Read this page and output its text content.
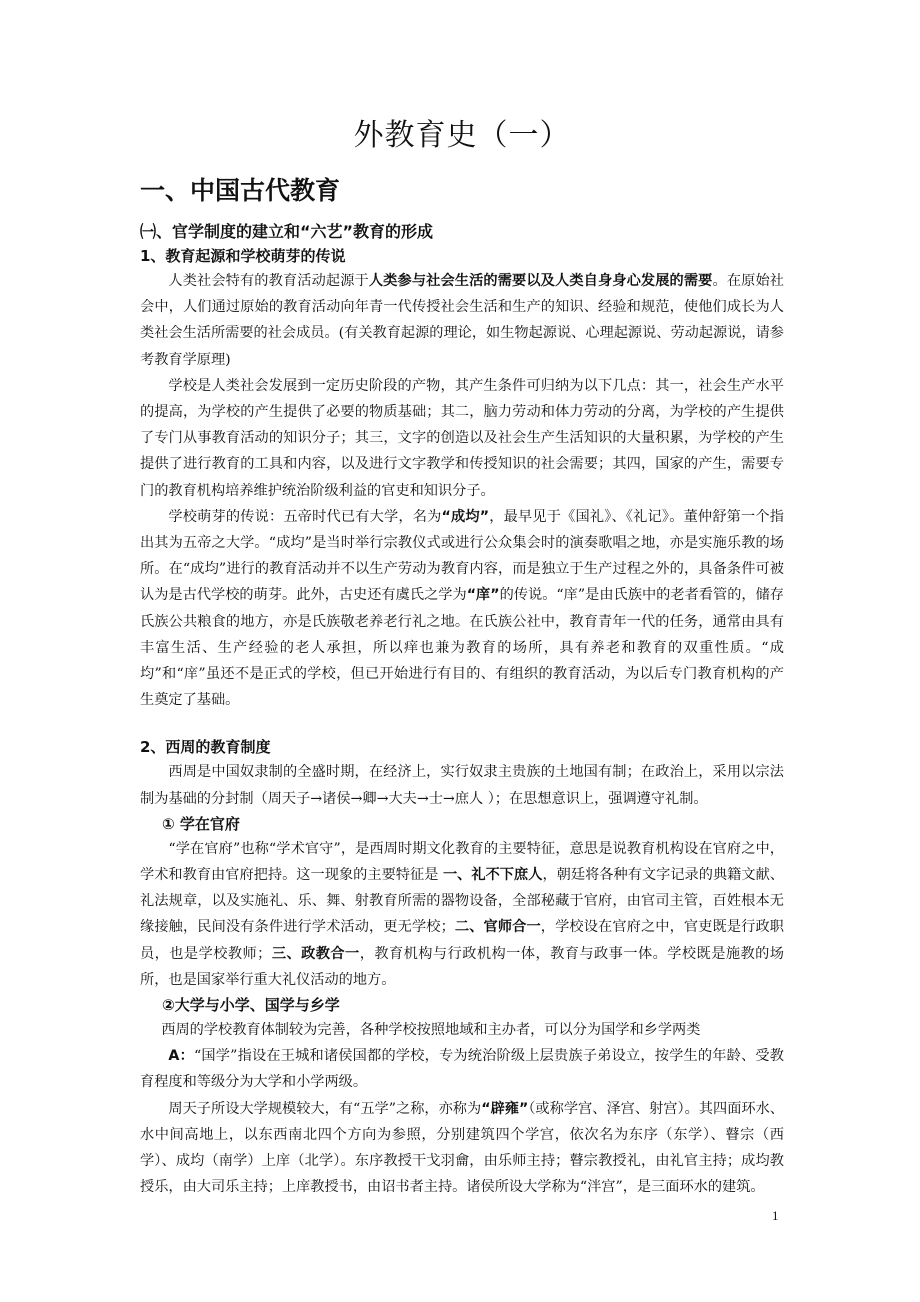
外教育史（一）
一、中国古代教育
㈠、官学制度的建立和“六艺”教育的形成
1、教育起源和学校萌芽的传说

人类社会特有的教育活动起源于人类参与社会生活的需要以及人类自身身心发展的需要。在原始社会中，人们通过原始的教育活动向年青一代传授社会生活和生产的知识、经验和规范，使他们成长为人类社会生活所需要的社会成员。(有关教育起源的理论，如生物起源说、心理起源说、劳动起源说，请参考教育学原理)

学校是人类社会发展到一定历史阶段的产物，其产生条件可归纳为以下几点：其一，社会生产水平的提高，为学校的产生提供了必要的物质基础；其二，脑力劳动和体力劳动的分离，为学校的产生提供了专门从事教育活动的知识分子；其三，文字的创造以及社会生产生活知识的大量积累，为学校的产生提供了进行教育的工具和内容，以及进行文字教学和传授知识的社会需要；其四，国家的产生，需要专门的教育机构培养维护统治阶级利益的官吏和知识分子。

学校萌芽的传说：五帝时代已有大学，名为“成均”，最早见于《国礼》、《礼记》。董仲舒第一个指出其为五帝之大学。“成均”是当时举行宗教仪式或进行公众集会时的演奏歌唱之地，亦是实施乐教的场所。在“成均”进行的教育活动并不以生产劳动为教育内容，而是独立于生产过程之外的，具备条件可被认为是古代学校的萌芽。此外，古史还有虞氏之学为“庠”的传说。“庠”是由氏族中的老者看管的，储存氏族公共粮食的地方，亦是氏族敬老养老行礼之地。在氏族公社中，教育青年一代的任务，通常由具有丰富生活、生产经验的老人承担，所以痒也兼为教育的场所，具有养老和教育的双重性质。“成均”和“庠”虽还不是正式的学校，但已开始进行有目的、有组织的教育活动，为以后专门教育机构的产生奠定了基础。

2、西周的教育制度

西周是中国奴隶制的全盛时期，在经济上，实行奴隶主贵族的土地国有制；在政治上，采用以宗法制为基础的分封制（周天子→诸侯→卿→大夫→士→庶人 ）；在思想意识上，强调遵守礼制。

① 学在官府

“学在官府”也称“学术官守”，是西周时期文化教育的主要特征，意思是说教育机构设在官府之中，学术和教育由官府把持。这一现象的主要特征是 一、礼不下庶人，朝廷将各种有文字记录的典籍文献、礼法规章，以及实施礼、乐、舞、射教育所需的器物设备，全部秘藏于官府，由官司主管，百姓根本无缘接触，民间没有条件进行学术活动，更无学校；二、官师合一，学校设在官府之中，官吏既是行政职员，也是学校教师；三、政教合一，教育机构与行政机构一体，教育与政事一体。学校既是施教的场所，也是国家举行重大礼仪活动的地方。

②大学与小学、国学与乡学

西周的学校教育体制较为完善，各种学校按照地域和主办者，可以分为国学和乡学两类

A：“国学”指设在王城和诸侯国都的学校，专为统治阶级上层贵族子弟设立，按学生的年龄、受教育程度和等级分为大学和小学两级。

周天子所设大学规模较大，有“五学”之称，亦称为“辟雍”（或称学宫、泽宫、射宫）。其四面环水、水中间高地上，以东西南北四个方向为参照，分别建筑四个学宫，依次名为东序（东学）、瞽宗（西学）、成均（南学）上庠（北学）。东序教授干戈羽龠，由乐师主持；瞽宗教授礼，由礼官主持；成均教授乐，由大司乐主持；上庠教授书，由诏书者主持。诸侯所设大学称为“泮宫”，是三面环水的建筑。

1
